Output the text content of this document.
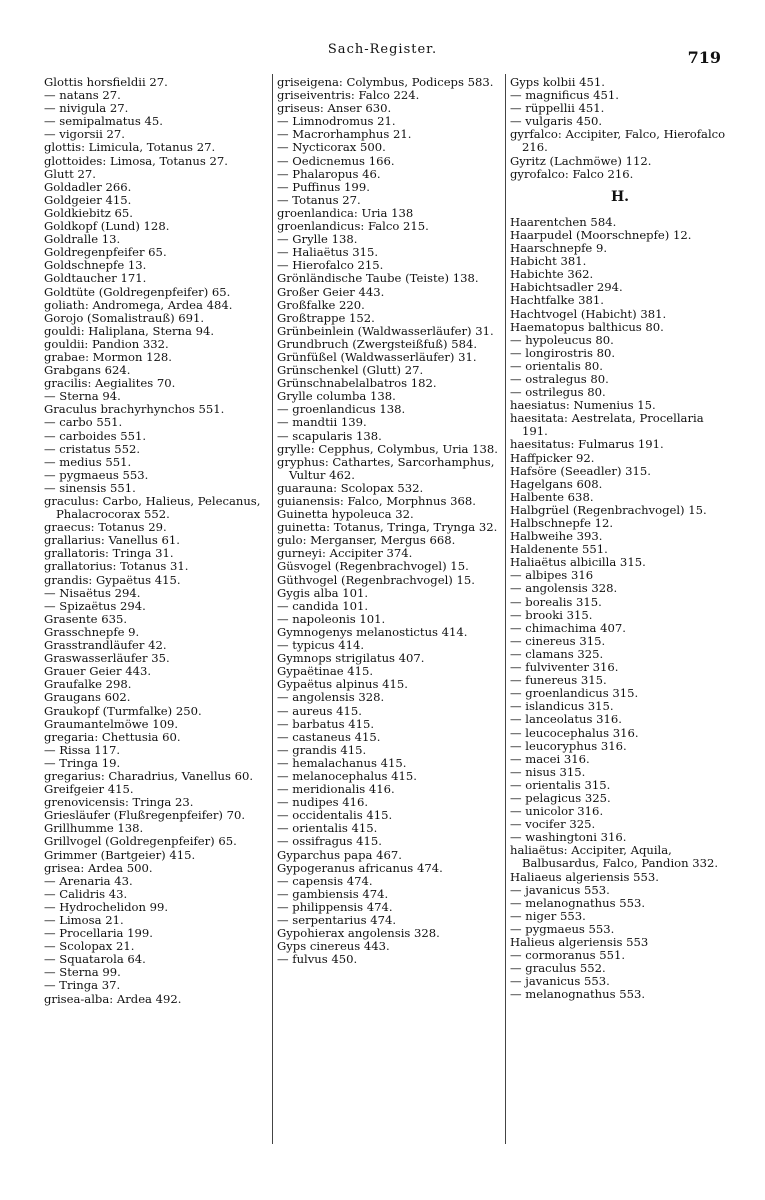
Sach-Register.	719
Glottis horsfieldii 27.
— natans 27.
— nivigula 27.
— semipalmatus 45.
— vigorsii 27.
glottis: Limicula, Totanus 27.
glottoides: Limosa, Totanus 27.
Glutt 27.
Goldadler 266.
Goldgeier 415.
Goldkiebitz 65.
Goldkopf (Lund) 128.
Goldralle 13.
Goldregenpfeifer 65.
Goldschnepfe 13.
Goldtaucher 171.
Goldtüte (Goldregenpfeifer) 65.
goliath: Andromega, Ardea 484.
Gorojo (Somalistrauß) 691.
gouldi: Haliplana, Sterna 94.
gouldii: Pandion 332.
grabae: Mormon 128.
Grabgans 624.
gracilis: Aegialites 70.
— Sterna 94.
Graculus brachyrhynchos 551.
— carbo 551.
— carboides 551.
— cristatus 552.
— medius 551.
— pygmaeus 553.
— sinensis 551.
graculus: Carbo, Halieus, Pelecanus, Phalacrocorax 552.
graecus: Totanus 29.
grallarius: Vanellus 61.
grallatoris: Tringa 31.
grallatorius: Totanus 31.
grandis: Gypaëtus 415.
— Nisaëtus 294.
— Spizaëtus 294.
Grasente 635.
Grasschnepfe 9.
Grasstrandläufer 42.
Graswasserläufer 35.
Grauer Geier 443.
Graufalke 298.
Graugans 602.
Graukopf (Turmfalke) 250.
Graumantelmöwe 109.
gregaria: Chettusia 60.
— Rissa 117.
— Tringa 19.
gregarius: Charadrius, Vanellus 60.
Greifgeier 415.
grenovicensis: Tringa 23.
Griesläufer (Flußregenpfeifer) 70.
Grillhumme 138.
Grillvogel (Goldregenpfeifer) 65.
Grimmer (Bartgeier) 415.
grisea: Ardea 500.
— Arenaria 43.
— Calidris 43.
— Hydrochelidon 99.
— Limosa 21.
— Procellaria 199.
— Scolopax 21.
— Squatarola 64.
— Sterna 99.
— Tringa 37.
grisea-alba: Ardea 492.
griseigena: Colymbus, Podiceps 583.
griseiventris: Falco 224.
griseus: Anser 630.
— Limnodromus 21.
— Macrorhamphus 21.
— Nycticorax 500.
— Oedicnemus 166.
— Phalaropus 46.
— Puffinus 199.
— Totanus 27.
groenlandica: Uria 138
groenlandicus: Falco 215.
— Grylle 138.
— Haliaëtus 315.
— Hierofalco 215.
Grönländische Taube (Teiste) 138.
Großer Geier 443.
Großfalke 220.
Großtrappe 152.
Grünbeinlein (Waldwasserläufer) 31.
Grundbruch (Zwergsteißfuß) 584.
Grünfüßel (Waldwasserläufer) 31.
Grünschenkel (Glutt) 27.
Grünschnabelalbatros 182.
Grylle columba 138.
— groenlandicus 138.
— mandtii 139.
— scapularis 138.
grylle: Cepphus, Colymbus, Uria 138.
gryphus: Cathartes, Sarcorhamphus, Vultur 462.
guarauna: Scolopax 532.
guianensis: Falco, Morphnus 368.
Guinetta hypoleuca 32.
guinetta: Totanus, Tringa, Trynga 32.
gulo: Merganser, Mergus 668.
gurneyi: Accipiter 374.
Güsvogel (Regenbrachvogel) 15.
Güthvogel (Regenbrachvogel) 15.
Gygis alba 101.
— candida 101.
— napoleonis 101.
Gymnogenys melanostictus 414.
— typicus 414.
Gymnops strigilatus 407.
Gypaëtinae 415.
Gypaëtus alpinus 415.
— angolensis 328.
— aureus 415.
— barbatus 415.
— castaneus 415.
— grandis 415.
— hemalachanus 415.
— melanocephalus 415.
— meridionalis 416.
— nudipes 416.
— occidentalis 415.
— orientalis 415.
— ossifragus 415.
Gyparchus papa 467.
Gypogeranus africanus 474.
— capensis 474.
— gambiensis 474.
— philippensis 474.
— serpentarius 474.
Gypohierax angolensis 328.
Gyps cinereus 443.
— fulvus 450.
Gyps kolbii 451.
— magnificus 451.
— rüppellii 451.
— vulgaris 450.
gyrfalco: Accipiter, Falco, Hierofalco 216.
Gyritz (Lachmöwe) 112.
gyrofalco: Falco 216.
H.
Haarentchen 584.
Haarpudel (Moorschnepfe) 12.
Haarschnepfe 9.
Habicht 381.
Habichte 362.
Habichtsadler 294.
Hachtfalke 381.
Hachtvogel (Habicht) 381.
Haematopus balthicus 80.
— hypoleucus 80.
— longirostris 80.
— orientalis 80.
— ostralegus 80.
— ostrilegus 80.
haesiatus: Numenius 15.
haesitata: Aestrelata, Procellaria 191.
haesitatus: Fulmarus 191.
Haffpicker 92.
Hafsöre (Seeadler) 315.
Hagelgans 608.
Halbente 638.
Halbgrüel (Regenbrachvogel) 15.
Halbschnepfe 12.
Halbweihe 393.
Haldenente 551.
Haliaëtus albicilla 315.
— albipes 316
— angolensis 328.
— borealis 315.
— brooki 315.
— chimachima 407.
— cinereus 315.
— clamans 325.
— fulviventer 316.
— funereus 315.
— groenlandicus 315.
— islandicus 315.
— lanceolatus 316.
— leucocephalus 316.
— leucoryphus 316.
— macei 316.
— nisus 315.
— orientalis 315.
— pelagicus 325.
— unicolor 316.
— vocifer 325.
— washingtoni 316.
haliaëtus: Accipiter, Aquila, Balbusardus, Falco, Pandion 332.
Haliaeus algeriensis 553.
— javanicus 553.
— melanognathus 553.
— niger 553.
— pygmaeus 553.
Halieus algeriensis 553
— cormoranus 551.
— graculus 552.
— javanicus 553.
— melanognathus 553.
